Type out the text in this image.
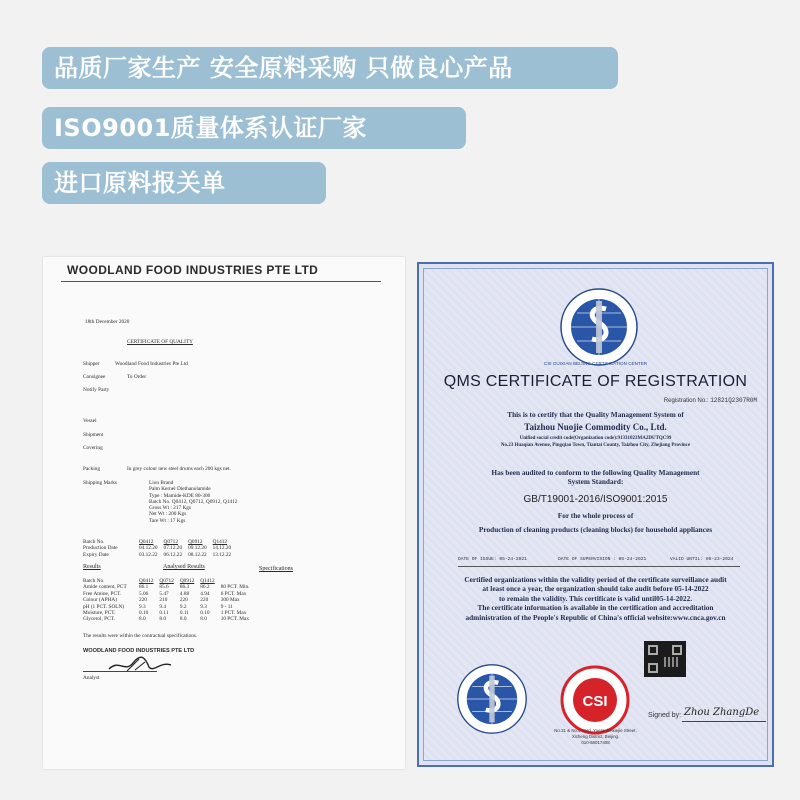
品质厂家生产 安全原料采购 只做良心产品
ISO9001质量体系认证厂家
进口原料报关单
WOODLAND FOOD INDUSTRIES PTE LTD
18th December 2020
CERTIFICATE OF QUALITY
Shipper	Woodland Food Industries Pte Ltd
Consignee	To Order
Notify Party
Vessel
Shipment
Covering
Packing	In grey colour new steel drums each 200 kgs net.
Shipping Marks	Lion Brand
Palm Kernel Diethanolamide
Type : Mamide-KDE 80-300
Batch No. Q0412, Q0712, Q0912, Q1412
Gross Wt : 217 Kgs
Net Wt : 200 Kgs
Tare Wt : 17 Kgs
Batch No.	Q0412	Q0712	Q0912	Q1412
Production Date	04.12.20	07.12.20	09.12.20	14.12.20
Expiry Date	03.12.22	06.12.22	08.12.22	13.12.22
Results	Analysed Results	Specifications
Batch No.	Q0412	Q0712	Q0912	Q1412	
Amide content, PCT	86.1	85.6	86.3	86.2	80 PCT. Min.
Free Amine, PCT.	5.06	5.47	4.88	4.94	6 PCT. Max
Colour (APHA)	220	210	220	220	300 Max
pH (1 PCT. SOLN)	9.3	9.4	9.2	9.3	9 - 11
Moisture, PCT.	0.10	0.11	0.11	0.10	1 PCT. Max
Glycerol, PCT.	8.0	8.0	8.0	8.0	10 PCT. Max
The results were within the contractual specifications.
WOODLAND FOOD INDUSTRIES PTE LTD
Analyst
CSI GUIXIAN BEIJING CERTIFICATION CENTER
QMS CERTIFICATE OF REGISTRATION
Registration No.: 12821Q2307R0M
This is to certify that the Quality Management System of
Taizhou Nuojie Commodity Co., Ltd.
Unified social credit code(Organization code):91331023MA2DUTQC99
No.23 Huaqian Avenue, Pingqiao Town, Tiantai County, Taizhou City, Zhejiang Province
Has been audited to conform to the following Quality Management
System Standard:
GB/T19001-2016/ISO9001:2015
For the whole process of
Production of cleaning products (cleaning blocks) for household appliances
DATE OF ISSUE: 05-24-2021	DATE OF SUPERVISION : 05-24-2021	VALID UNTIL: 05-23-2024
Certified organizations within the validity period of the certificate surveillance audit
at least once a year, the organization should take audit before 05-14-2022
to remain the validity. This certificate is valid until05-14-2022.
The certificate information is available in the certification and accreditation
administration of the People's Republic of China's official website:www.cnca.gov.cn
CSI
Signed by: Zhou ZhangDe
No.21 & No.4 Yard, Yuetanbeixiejie Street,
Xicheng District, Beijing.
010-68017408
